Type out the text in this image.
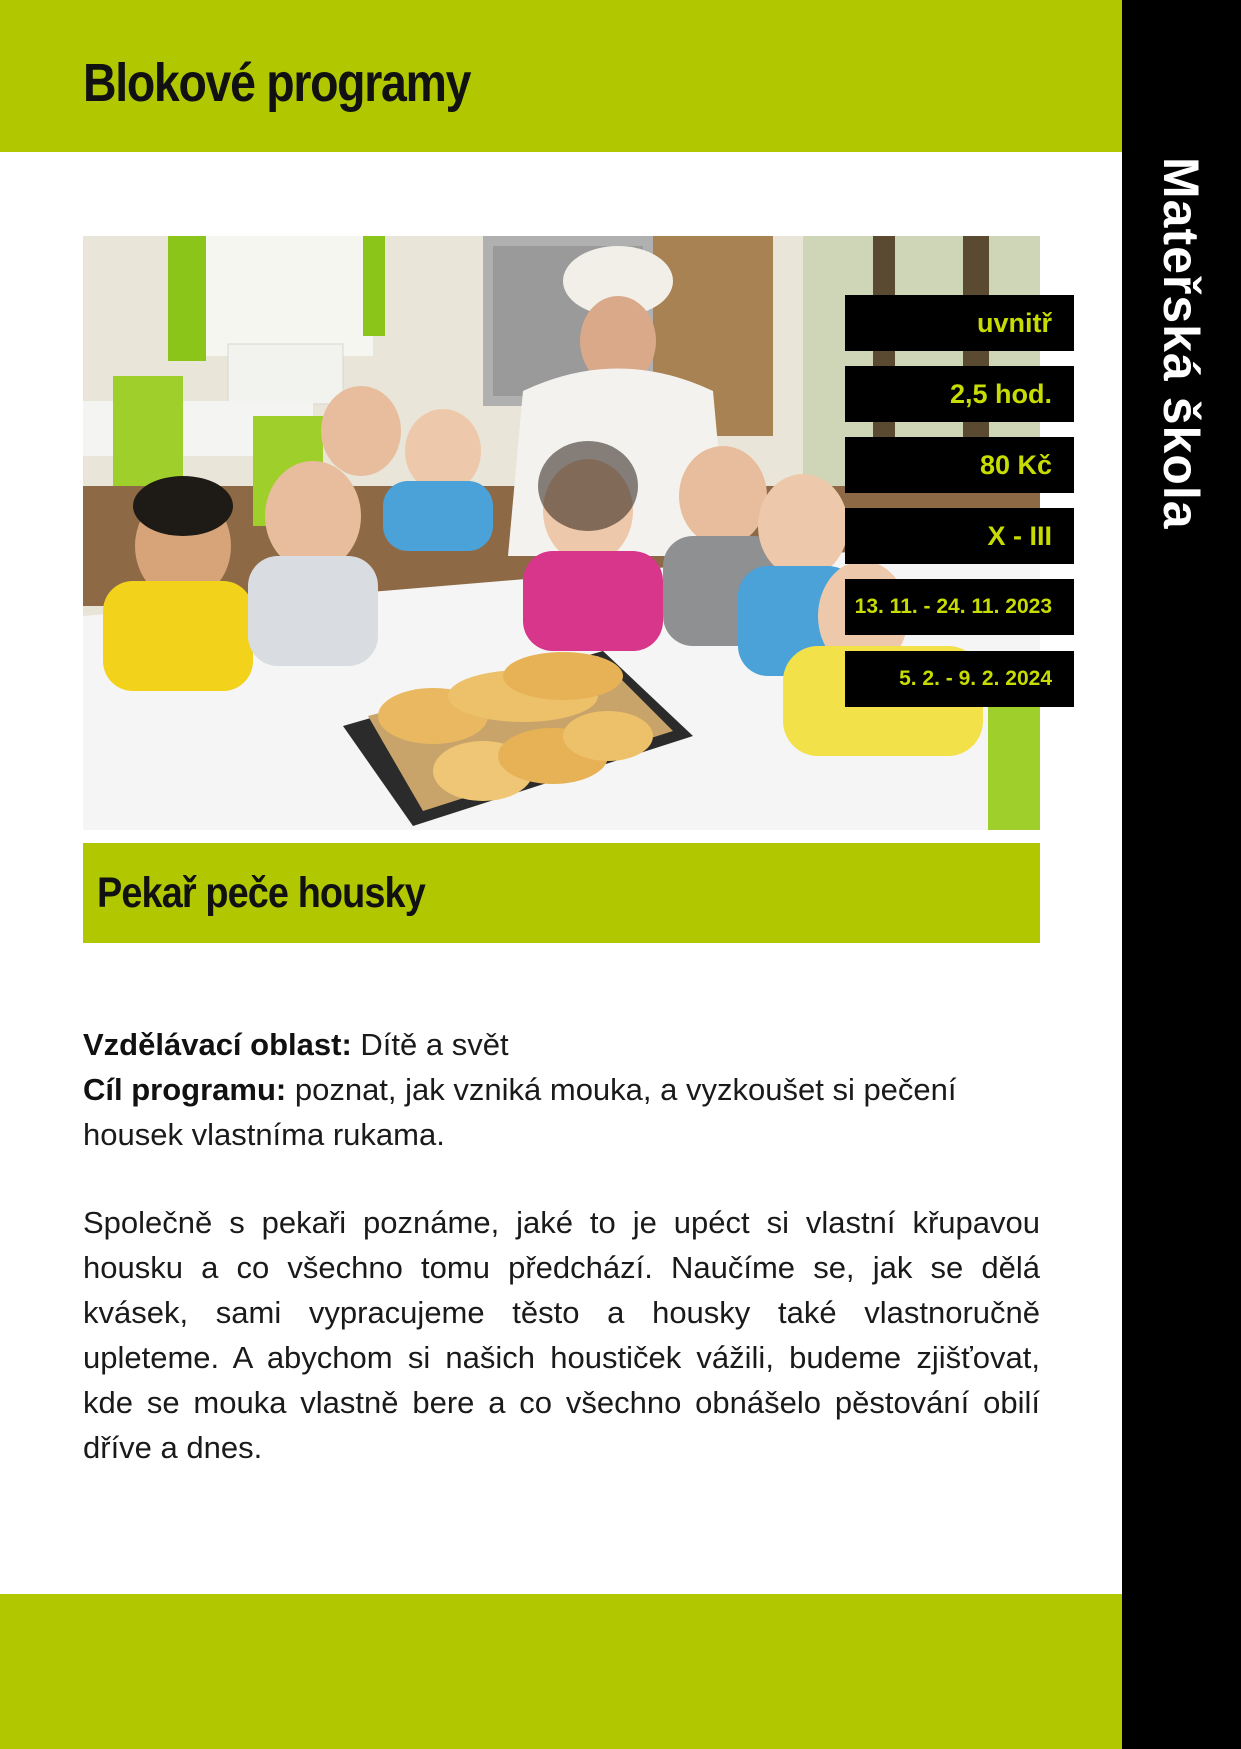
Blokové programy
Mateřská škola
uvnitř
2,5 hod.
80 Kč
X - III
13. 11. - 24. 11. 2023
5. 2. - 9. 2. 2024
Pekař peče housky

Vzdělávací oblast: Dítě a svět
Cíl programu: poznat, jak vzniká mouka, a vyzkoušet si pečení housek vlastníma rukama.

Společně s pekaři poznáme, jaké to je upéct si vlastní křupavou housku a co všechno tomu předchází. Naučíme se, jak se dělá kvásek, sami vypracujeme těsto a housky také vlastnoručně upleteme. A abychom si našich houstiček vážili, budeme zjišťovat, kde se mouka vlastně bere a co všechno obnášelo pěstování obilí dříve a dnes.
